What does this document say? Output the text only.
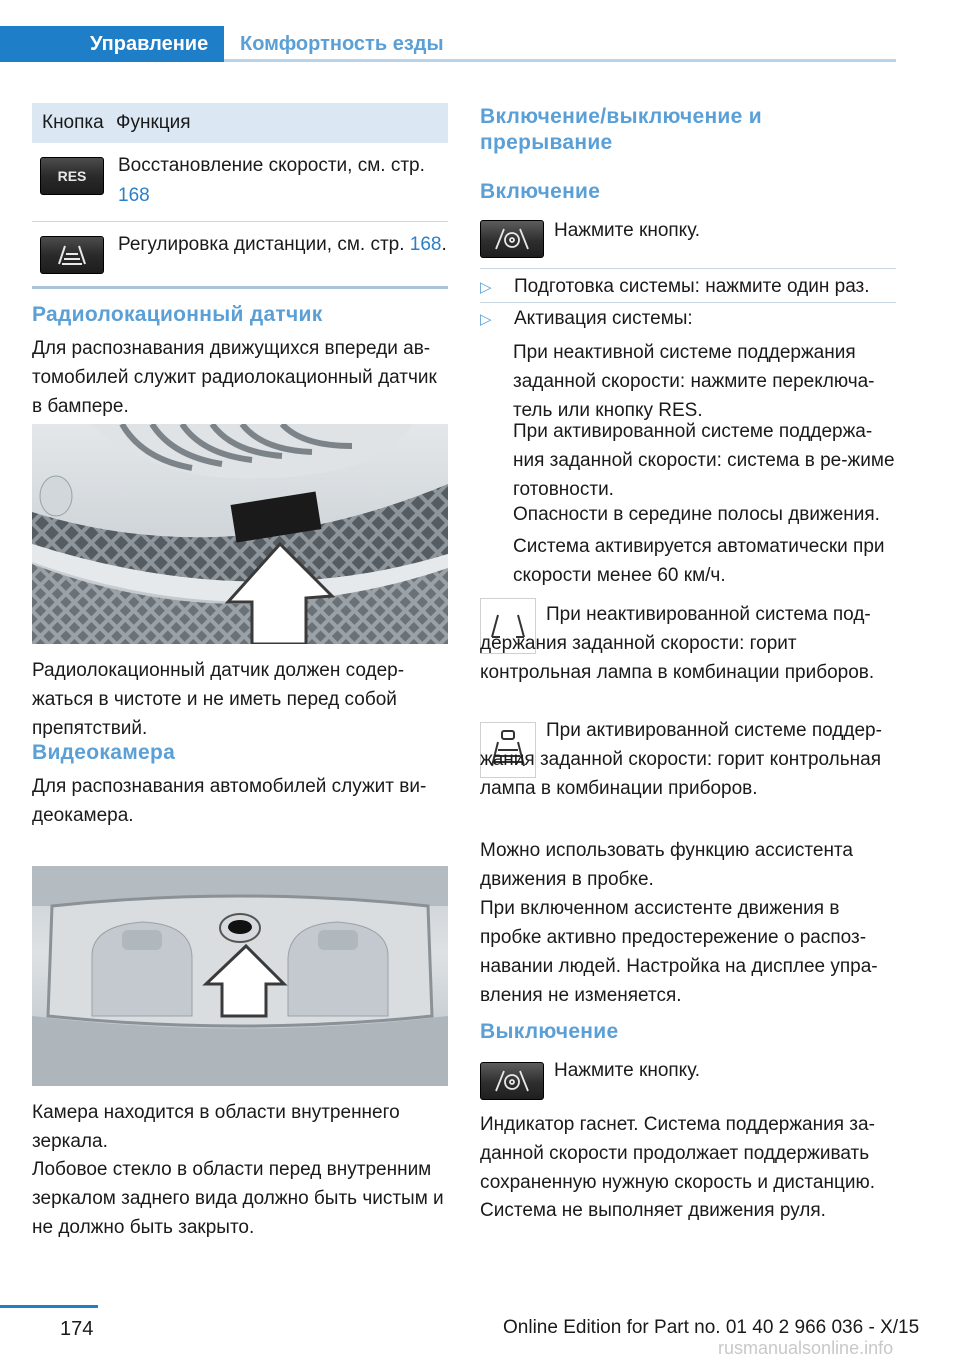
Управление	Комфортность езды
Кнопка Функция
RES Восстановление скорости, см. стр. 168
Регулировка дистанции, см. стр. 168.
Радиолокационный датчик

Для распознавания движущихся впереди ав-томобилей служит радиолокационный датчик в бампере.

Радиолокационный датчик должен содер-жаться в чистоте и не иметь перед собой препятствий.

Видеокамера

Для распознавания автомобилей служит ви-деокамера.

Камера находится в области внутреннего зеркала.

Лобовое стекло в области перед внутренним зеркалом заднего вида должно быть чистым и не должно быть закрыто.

Включение/выключение и прерывание
Включение

Нажмите кнопку.

▷	Подготовка системы: нажмите один раз.
▷	Активация системы:

При неактивной системе поддержания заданной скорости: нажмите переключа-тель или кнопку RES.

При активированной системе поддержа-ния заданной скорости: система в ре-жиме готовности.

Опасности в середине полосы движения.

Система активируется автоматически при скорости менее 60 км/ч.

При неактивированной система под-держания заданной скорости: горит контрольная лампа в комбинации приборов.

При активированной системе поддер-жания заданной скорости: горит контрольная лампа в комбинации приборов.

Можно использовать функцию ассистента движения в пробке.

При включенном ассистенте движения в пробке активно предостережение о распоз-навании людей. Настройка на дисплее упра-вления не изменяется.

Выключение

Нажмите кнопку.

Индикатор гаснет. Система поддержания за-данной скорости продолжает поддерживать сохраненную нужную скорость и дистанцию.

Система не выполняет движения руля.

174	Online Edition for Part no. 01 40 2 966 036 - X/15
rusmanualsonline.info
